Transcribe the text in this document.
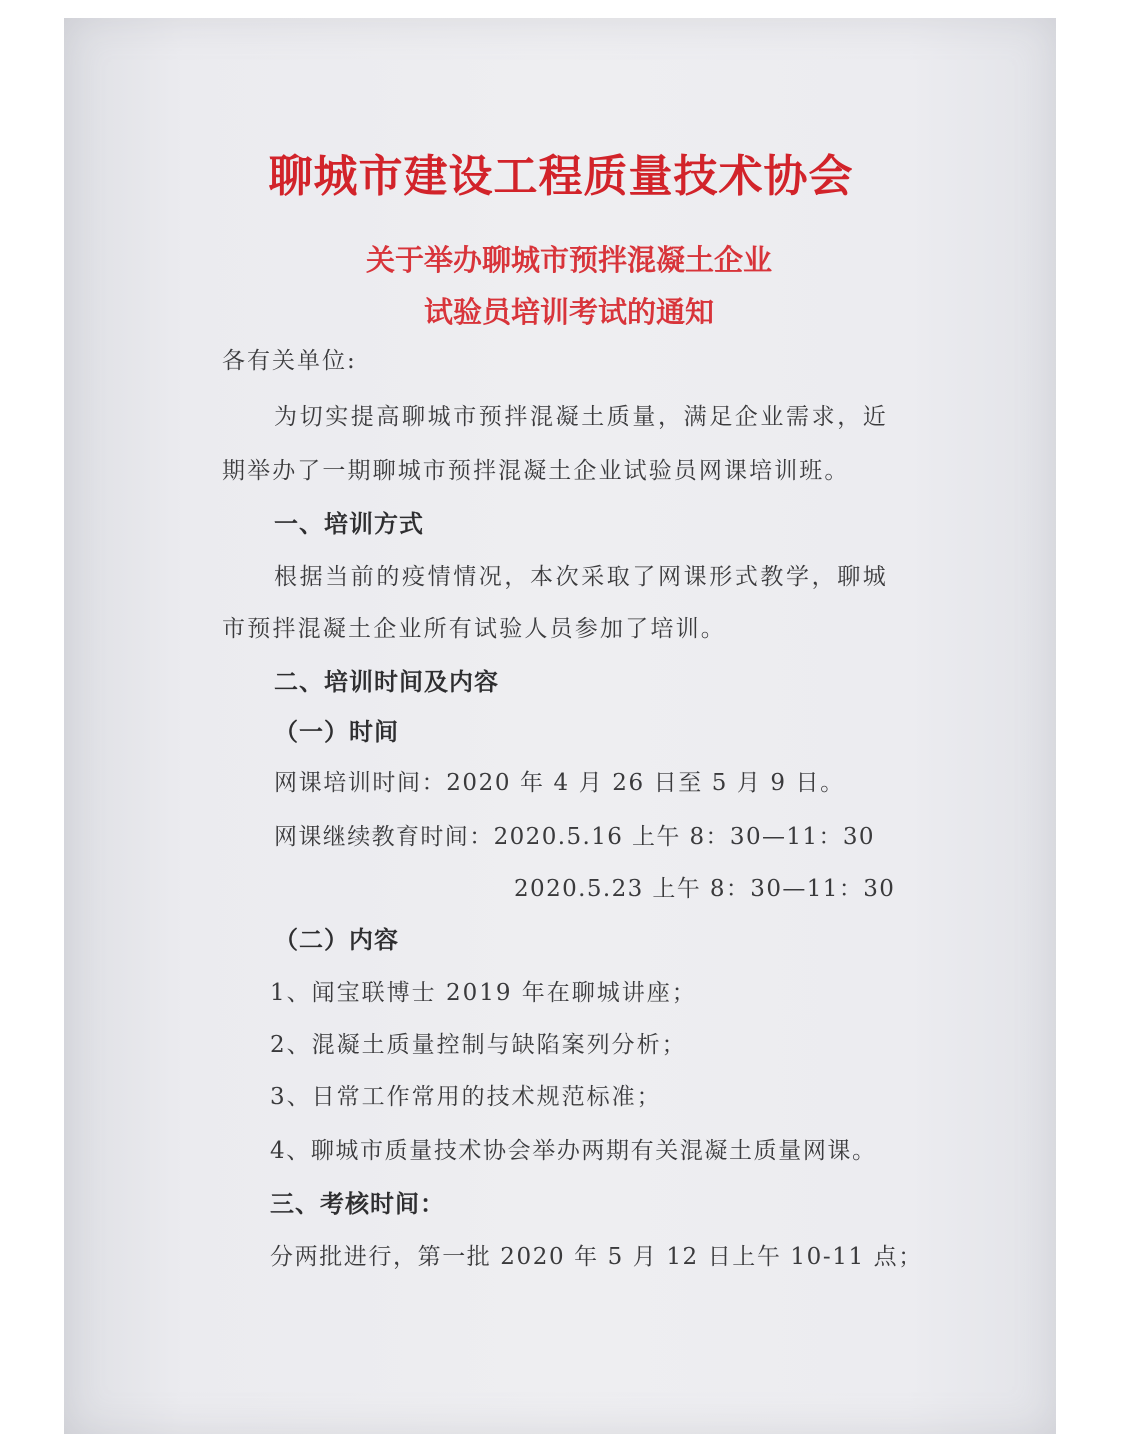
聊城市建设工程质量技术协会
关于举办聊城市预拌混凝土企业
试验员培训考试的通知
各有关单位:
为切实提高聊城市预拌混凝土质量，满足企业需求，近
期举办了一期聊城市预拌混凝土企业试验员网课培训班。
一、培训方式
根据当前的疫情情况，本次采取了网课形式教学，聊城
市预拌混凝土企业所有试验人员参加了培训。
二、培训时间及内容
（一）时间
网课培训时间：2020 年 4 月 26 日至 5 月 9 日。
网课继续教育时间：2020.5.16 上午 8：30—11：30
2020.5.23 上午 8：30—11：30
（二）内容
1、闻宝联博士 2019 年在聊城讲座；
2、混凝土质量控制与缺陷案列分析；
3、日常工作常用的技术规范标准；
4、聊城市质量技术协会举办两期有关混凝土质量网课。
三、考核时间：
分两批进行，第一批 2020 年 5 月 12 日上午 10-11 点；
